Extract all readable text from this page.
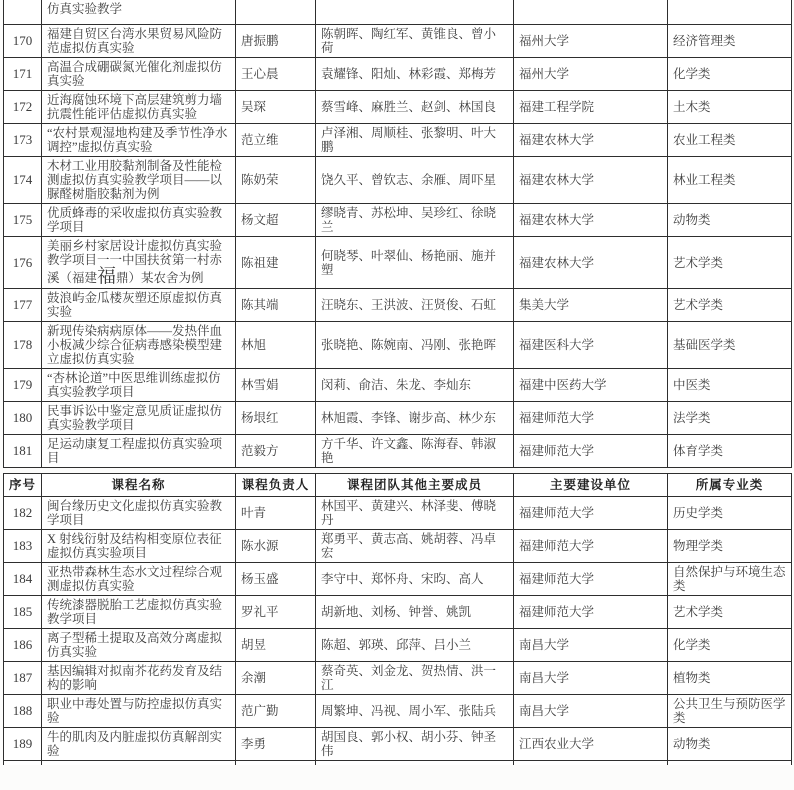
	仿真实验教学				
170	福建自贸区台湾水果贸易风险防范虚拟仿真实验	唐振鹏	陈朝晖、陶红军、黄锥良、曾小荷	福州大学	经济管理类
171	高温合成硼碳氮光催化剂虚拟仿真实验	王心晨	袁耀锋、阳灿、林彩霞、郑梅芳	福州大学	化学类
172	近海腐蚀环境下高层建筑剪力墙抗震性能评估虚拟仿真实验	吴琛	蔡雪峰、麻胜兰、赵剑、林国良	福建工程学院	土木类
173	“农村景观湿地构建及季节性净水调控”虚拟仿真实验	范立维	卢泽湘、周顺桂、张黎明、叶大鹏	福建农林大学	农业工程类
174	木材工业用胶黏剂制备及性能检测虚拟仿真实验教学项目——以脲醛树脂胶黏剂为例	陈奶荣	饶久平、曾钦志、余雁、周吓星	福建农林大学	林业工程类
175	优质蜂毒的采收虚拟仿真实验教学项目	杨文超	缪晓青、苏松坤、吴珍红、徐晓兰	福建农林大学	动物类
176	美丽乡村家居设计虚拟仿真实验教学项目一一中国扶贫第一村赤溪（福建福鼎）某农舍为例	陈祖建	何晓琴、叶翠仙、杨艳丽、施并塑	福建农林大学	艺术学类
177	鼓浪屿金瓜楼灰塑还原虚拟仿真实验	陈其端	汪晓东、王洪波、汪贤俊、石虹	集美大学	艺术学类
178	新现传染病病原体——发热伴血小板减少综合征病毒感染模型建立虚拟仿真实验	林旭	张晓艳、陈婉南、冯刚、张艳晖	福建医科大学	基础医学类
179	“杏林论道”中医思维训练虚拟仿真实验教学项目	林雪娟	闵莉、俞洁、朱龙、李灿东	福建中医药大学	中医类
180	民事诉讼中鉴定意见质证虚拟仿真实验教学项目	杨垠红	林旭霞、李锋、谢步高、林少东	福建师范大学	法学类
181	足运动康复工程虚拟仿真实验项目	范毅方	方千华、许文鑫、陈海春、韩淑艳	福建师范大学	体育学类
序号	课程名称	课程负责人	课程团队其他主要成员	主要建设单位	所属专业类
182	闽台缘历史文化虚拟仿真实验教学项目	叶青	林国平、黄建兴、林泽斐、傅晓丹	福建师范大学	历史学类
183	X 射线衍射及结构相变原位表征虚拟仿真实验项目	陈水源	郑勇平、黄志高、姚胡蓉、冯卓宏	福建师范大学	物理学类
184	亚热带森林生态水文过程综合观测虚拟仿真实验	杨玉盛	李守中、郑怀舟、宋昀、高人	福建师范大学	自然保护与环境生态类
185	传统漆器脱胎工艺虚拟仿真实验教学项目	罗礼平	胡新地、刘杨、钟誉、姚凯	福建师范大学	艺术学类
186	离子型稀土提取及高效分离虚拟仿真实验	胡昱	陈超、郭瑛、邱萍、吕小兰	南昌大学	化学类
187	基因编辑对拟南芥花药发育及结构的影响	余潮	蔡奇英、刘金龙、贺热情、洪一江	南昌大学	植物类
188	职业中毒处置与防控虚拟仿真实验	范广勤	周繁坤、冯视、周小军、张陆兵	南昌大学	公共卫生与预防医学类
189	牛的肌肉及内脏虚拟仿真解剖实验	李勇	胡国良、郭小权、胡小芬、钟圣伟	江西农业大学	动物类
